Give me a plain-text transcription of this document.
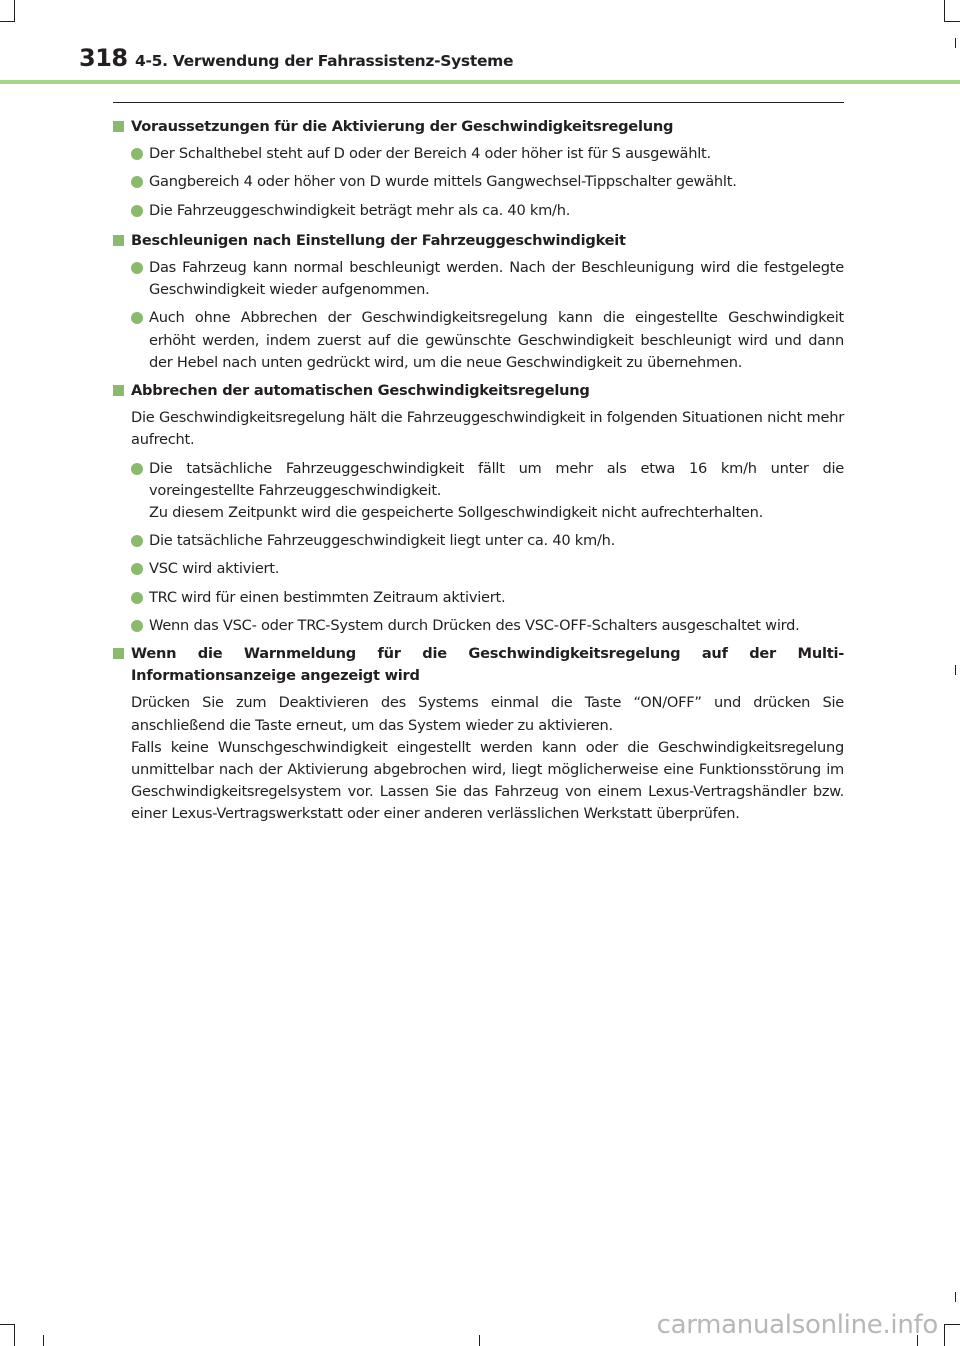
318 4-5. Verwendung der Fahrassistenz-Systeme
Voraussetzungen für die Aktivierung der Geschwindigkeitsregelung
Der Schalthebel steht auf D oder der Bereich 4 oder höher ist für S ausgewählt.
Gangbereich 4 oder höher von D wurde mittels Gangwechsel-Tippschalter gewählt.
Die Fahrzeuggeschwindigkeit beträgt mehr als ca. 40 km/h.
Beschleunigen nach Einstellung der Fahrzeuggeschwindigkeit
Das Fahrzeug kann normal beschleunigt werden. Nach der Beschleunigung wird die festgelegte Geschwindigkeit wieder aufgenommen.
Auch ohne Abbrechen der Geschwindigkeitsregelung kann die eingestellte Geschwindigkeit erhöht werden, indem zuerst auf die gewünschte Geschwindigkeit beschleunigt wird und dann der Hebel nach unten gedrückt wird, um die neue Geschwindigkeit zu übernehmen.
Abbrechen der automatischen Geschwindigkeitsregelung
Die Geschwindigkeitsregelung hält die Fahrzeuggeschwindigkeit in folgenden Situationen nicht mehr aufrecht.
Die tatsächliche Fahrzeuggeschwindigkeit fällt um mehr als etwa 16 km/h unter die voreingestellte Fahrzeuggeschwindigkeit.
Zu diesem Zeitpunkt wird die gespeicherte Sollgeschwindigkeit nicht aufrechterhalten.
Die tatsächliche Fahrzeuggeschwindigkeit liegt unter ca. 40 km/h.
VSC wird aktiviert.
TRC wird für einen bestimmten Zeitraum aktiviert.
Wenn das VSC- oder TRC-System durch Drücken des VSC-OFF-Schalters ausgeschaltet wird.
Wenn die Warnmeldung für die Geschwindigkeitsregelung auf der Multi-Informationsanzeige angezeigt wird
Drücken Sie zum Deaktivieren des Systems einmal die Taste “ON/OFF” und drücken Sie anschließend die Taste erneut, um das System wieder zu aktivieren.
Falls keine Wunschgeschwindigkeit eingestellt werden kann oder die Geschwindigkeitsregelung unmittelbar nach der Aktivierung abgebrochen wird, liegt möglicherweise eine Funktionsstörung im Geschwindigkeitsregelsystem vor. Lassen Sie das Fahrzeug von einem Lexus-Vertragshändler bzw. einer Lexus-Vertragswerkstatt oder einer anderen verlässlichen Werkstatt überprüfen.
carmanualsonline.info
